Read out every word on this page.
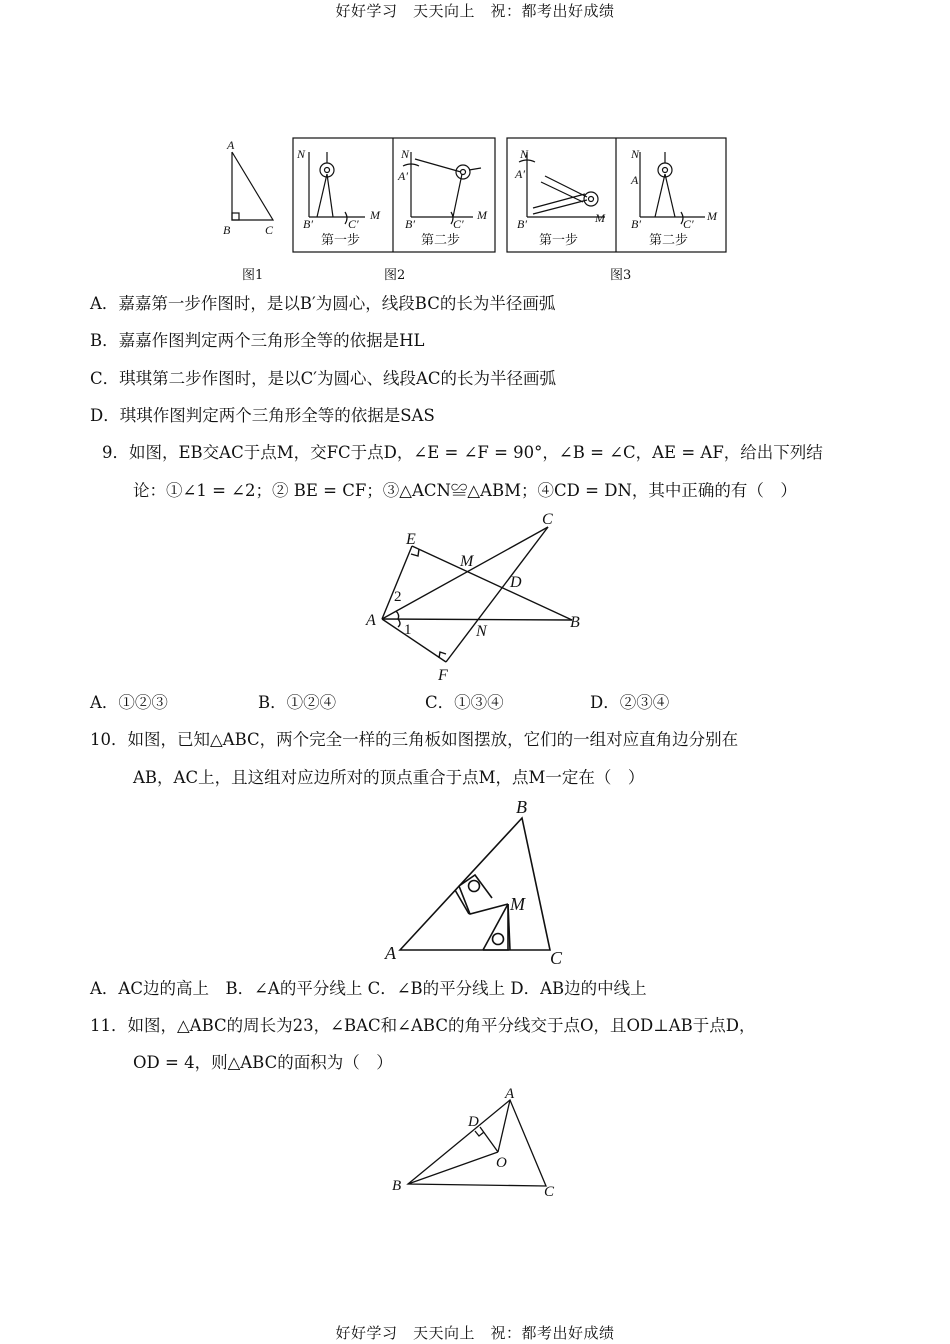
好好学习　天天向上　祝：都考出好成绩
A
B	C
N
M
B′	C′
N
A′
M
B′	C′
N
A′
M
B′
N
A
M
B′	C′
第一步	第二步	第一步	第二步
图1	图2	图3
A．嘉嘉第一步作图时，是以B′为圆心，线段BC的长为半径画弧
B．嘉嘉作图判定两个三角形全等的依据是HL
C．琪琪第二步作图时，是以C′为圆心、线段AC的长为半径画弧
D．琪琪作图判定两个三角形全等的依据是SAS
9．如图，EB交AC于点M，交FC于点D，∠E = ∠F = 90°，∠B = ∠C，AE = AF，给出下列结
论：①∠1 = ∠2；② BE = CF；③△ACN≌△ABM；④CD = DN，其中正确的有（　）
E
M
C
D
A
N
B
F
2
1
A．①②③	B．①②④	C．①③④	D．②③④
10．如图，已知△ABC，两个完全一样的三角板如图摆放，它们的一组对应直角边分别在
AB，AC上，且这组对应边所对的顶点重合于点M，点M一定在（　）
B
M
A	C
A．AC边的高上　B．∠A的平分线上 C．∠B的平分线上 D．AB边的中线上
11．如图，△ABC的周长为23，∠BAC和∠ABC的角平分线交于点O，且OD⊥AB于点D，
OD = 4，则△ABC的面积为（　）
A
D
O
B	C
好好学习　天天向上　祝：都考出好成绩
